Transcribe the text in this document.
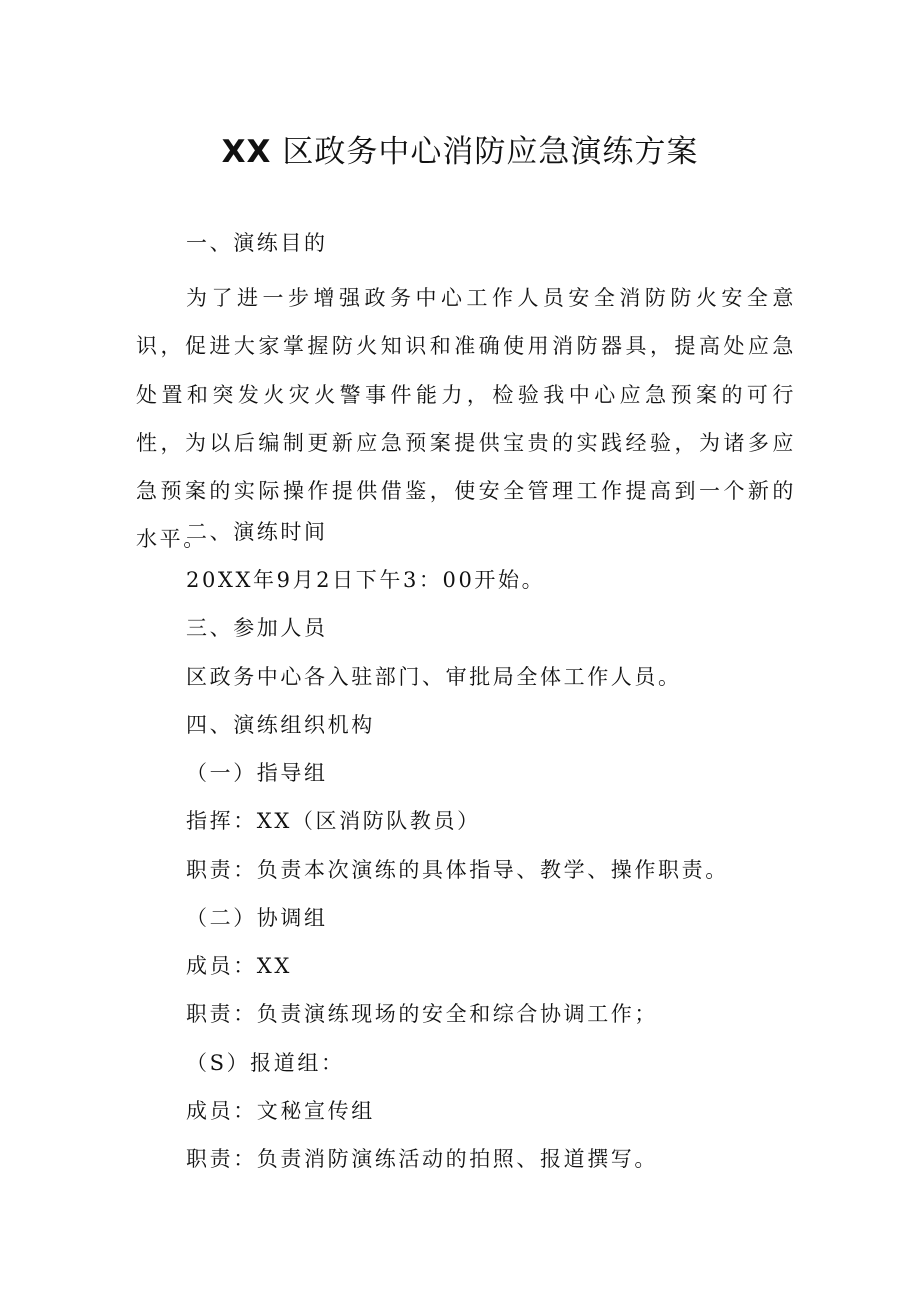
XX 区政务中心消防应急演练方案

一、演练目的

为了进一步增强政务中心工作人员安全消防防火安全意识，促进大家掌握防火知识和准确使用消防器具，提高处应急处置和突发火灾火警事件能力，检验我中心应急预案的可行性，为以后编制更新应急预案提供宝贵的实践经验，为诸多应急预案的实际操作提供借鉴，使安全管理工作提高到一个新的水平。

二、演练时间

20XX年9月2日下午3：00开始。

三、参加人员

区政务中心各入驻部门、审批局全体工作人员。

四、演练组织机构

（一）指导组

指挥：XX（区消防队教员）

职责：负责本次演练的具体指导、教学、操作职责。

（二）协调组

成员：XX

职责：负责演练现场的安全和综合协调工作；

（S）报道组：

成员：文秘宣传组

职责：负责消防演练活动的拍照、报道撰写。
